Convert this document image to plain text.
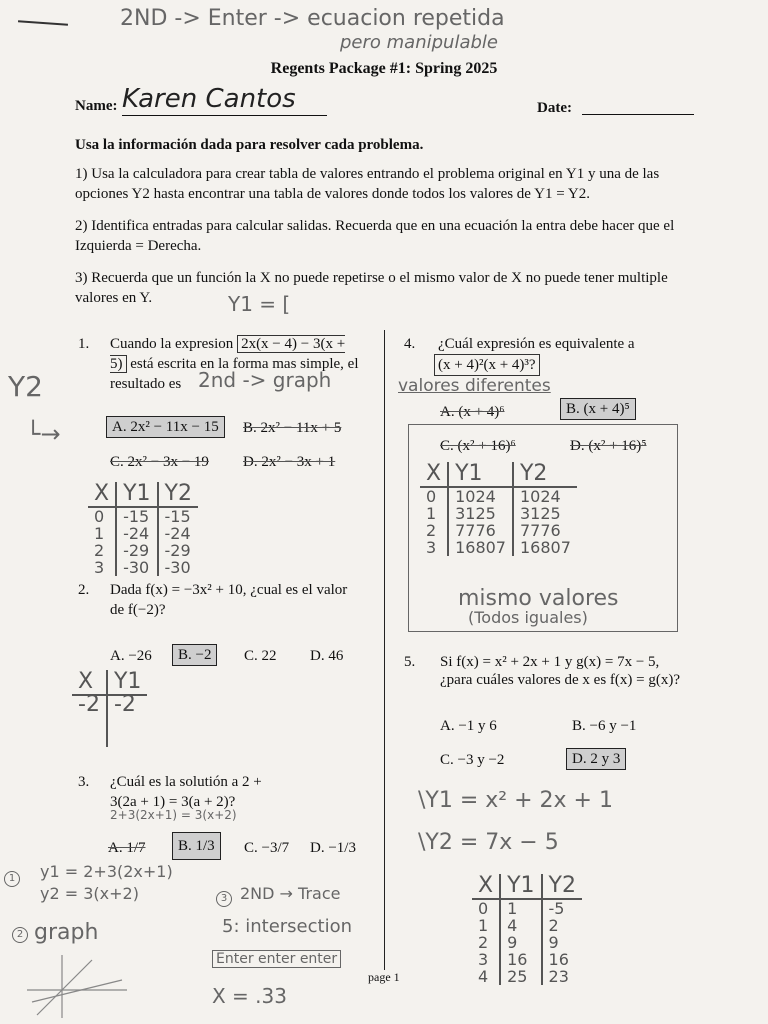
2ND -> Enter -> ecuacion repetida
pero manipulable
Regents Package #1: Spring 2025
Name: Karen Cantos	Date:
Usa la información dada para resolver cada problema.
1) Usa la calculadora para crear tabla de valores entrando el problema original en Y1 y una de las opciones Y2 hasta encontrar una tabla de valores donde todos los valores de Y1 = Y2.
2) Identifica entradas para calcular salidas. Recuerda que en una ecuación la entra debe hacer que el Izquierda = Derecha.
3) Recuerda que un función la X no puede repetirse o el mismo valor de X no puede tener multiple valores en Y.	Y1 = [
Y2
└→
1. Cuando la expresion 2x(x − 4) − 3(x + 5) está escrita en la forma mas simple, el resultado es 2nd -> graph
A. 2x² − 11x − 15	B. 2x² − 11x + 5
C. 2x² − 3x − 19 D. 2x² − 3x + 1
X	Y1	Y2
0	-15	-15
1	-24	-24
2	-29	-29
3	-30	-30
2. Dada f(x) = −3x² + 10, ¿cual es el valor de f(−2)?
A. −26	B. −2	C. 22 D. 46
X	Y1
-2	-2
3. ¿Cuál es la solutión a 2 + 3(2a + 1) = 3(a + 2)?
2+3(2x+1) = 3(x+2)
A. 1/7	B. 1/3	C. −3/7 D. −1/3
1	y1 = 2+3(2x+1)
y2 = 3(x+2)
2 graph
3 2ND → Trace
5: intersection
Enter enter enter
X = .33
4. ¿Cuál expresión es equivalente a
(x + 4)²(x + 4)³?
valores diferentes
A. (x + 4)⁶	B. (x + 4)⁵
C. (x² + 16)⁶	D. (x² + 16)⁵
X	Y1	Y2
0	1024	1024
1	3125	3125
2	7776	7776
3	16807	16807
mismo valores
(Todos iguales)
5. Si f(x) = x² + 2x + 1 y g(x) = 7x − 5,
¿para cuáles valores de x es f(x) = g(x)?
A. −1 y 6	B. −6 y −1
C. −3 y −2	D. 2 y 3
\Y1 = x² + 2x + 1
\Y2 = 7x − 5
X	Y1	Y2
0	1	-5
1	4	2
2	9	9
3	16	16
4	25	23
page 1
